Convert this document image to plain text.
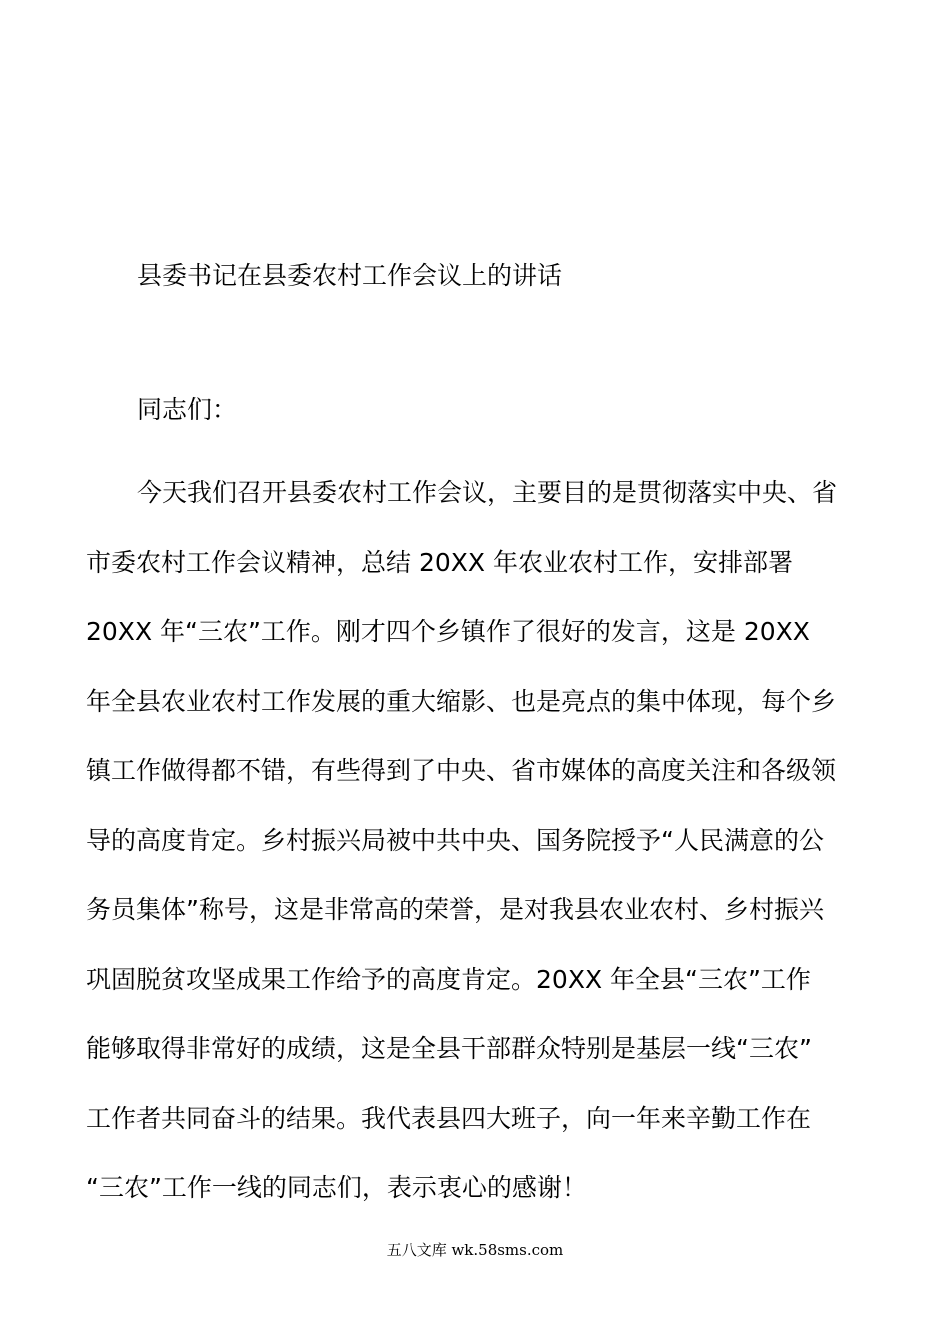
县委书记在县委农村工作会议上的讲话

同志们：

今天我们召开县委农村工作会议，主要目的是贯彻落实中央、省
市委农村工作会议精神，总结 20XX 年农业农村工作，安排部署
20XX 年“三农”工作。刚才四个乡镇作了很好的发言，这是 20XX
年全县农业农村工作发展的重大缩影、也是亮点的集中体现，每个乡
镇工作做得都不错，有些得到了中央、省市媒体的高度关注和各级领
导的高度肯定。乡村振兴局被中共中央、国务院授予“人民满意的公
务员集体”称号，这是非常高的荣誉，是对我县农业农村、乡村振兴
巩固脱贫攻坚成果工作给予的高度肯定。20XX 年全县“三农”工作
能够取得非常好的成绩，这是全县干部群众特别是基层一线“三农”
工作者共同奋斗的结果。我代表县四大班子，向一年来辛勤工作在
“三农”工作一线的同志们，表示衷心的感谢！
五八文库 wk.58sms.com
